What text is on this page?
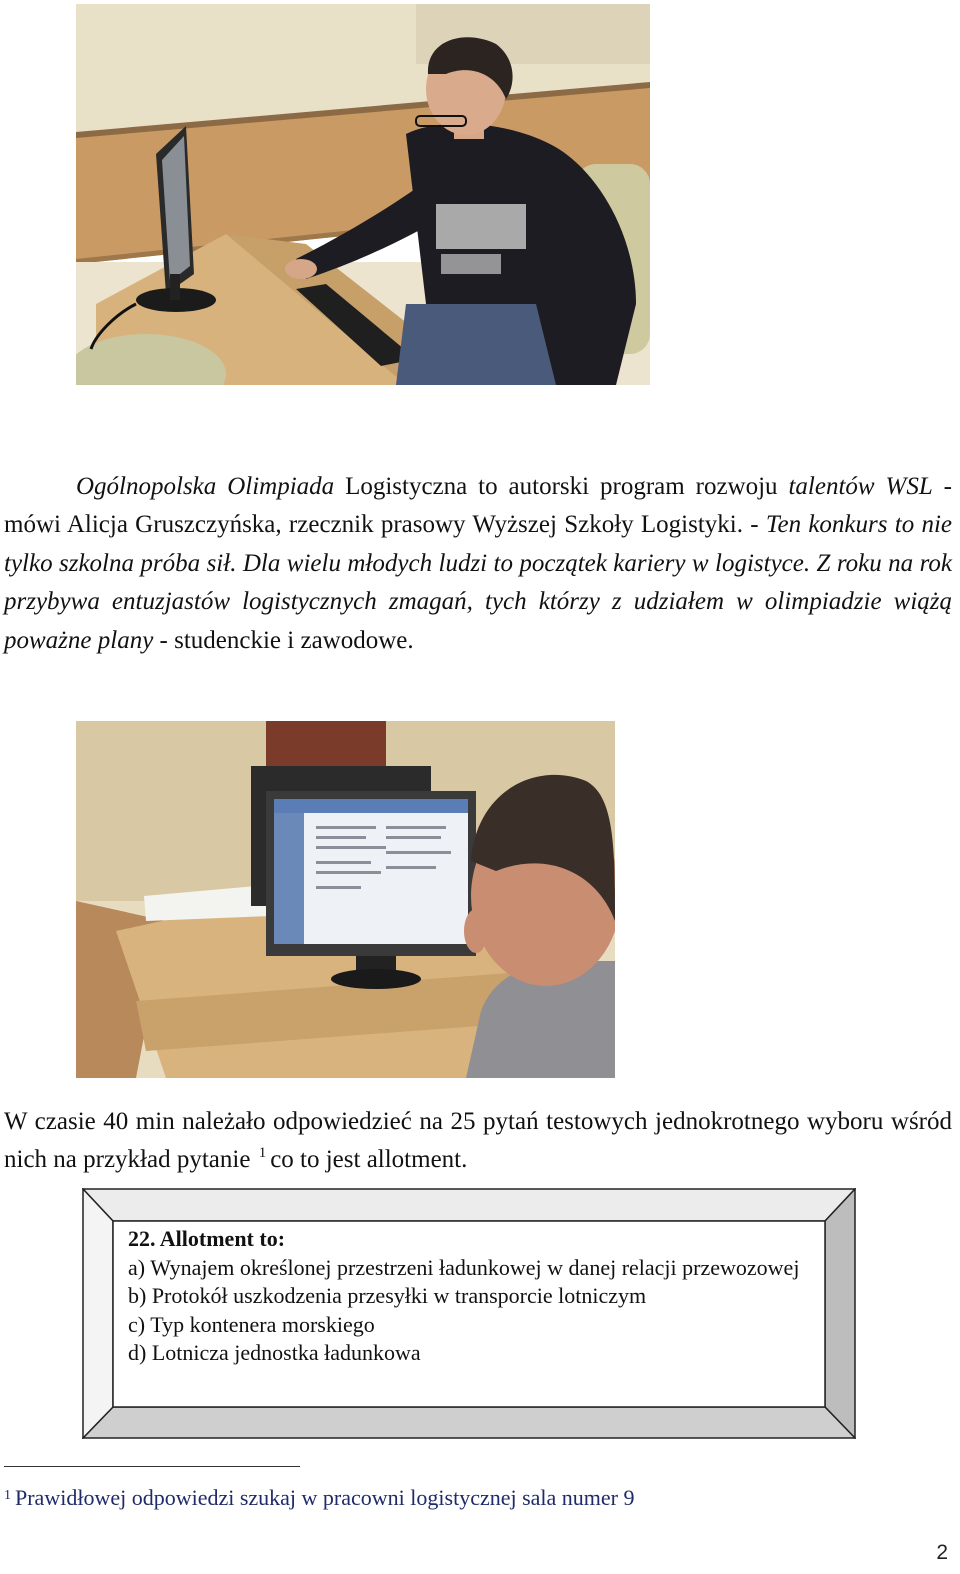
Ogólnopolska Olimpiada Logistyczna to autorski program rozwoju talentów WSL - mówi Alicja Gruszczyńska, rzecznik prasowy Wyższej Szkoły Logistyki. - Ten konkurs to nie tylko szkolna próba sił. Dla wielu młodych ludzi to początek kariery w logistyce. Z roku na rok przybywa entuzjastów logistycznych zmagań, tych którzy z udziałem w olimpiadzie wiążą poważne plany - studenckie i zawodowe.

W czasie 40 min należało odpowiedzieć na 25 pytań testowych jednokrotnego wyboru wśród nich na przykład pytanie $^1$ co to jest allotment.

22. Allotment to:
a) Wynajem określonej przestrzeni ładunkowej w danej relacji przewozowej
b) Protokół uszkodzenia przesyłki w transporcie lotniczym
c) Typ kontenera morskiego
d) Lotnicza jednostka ładunkowa
$^1$ Prawidłowej odpowiedzi szukaj w pracowni logistycznej sala numer 9
2
